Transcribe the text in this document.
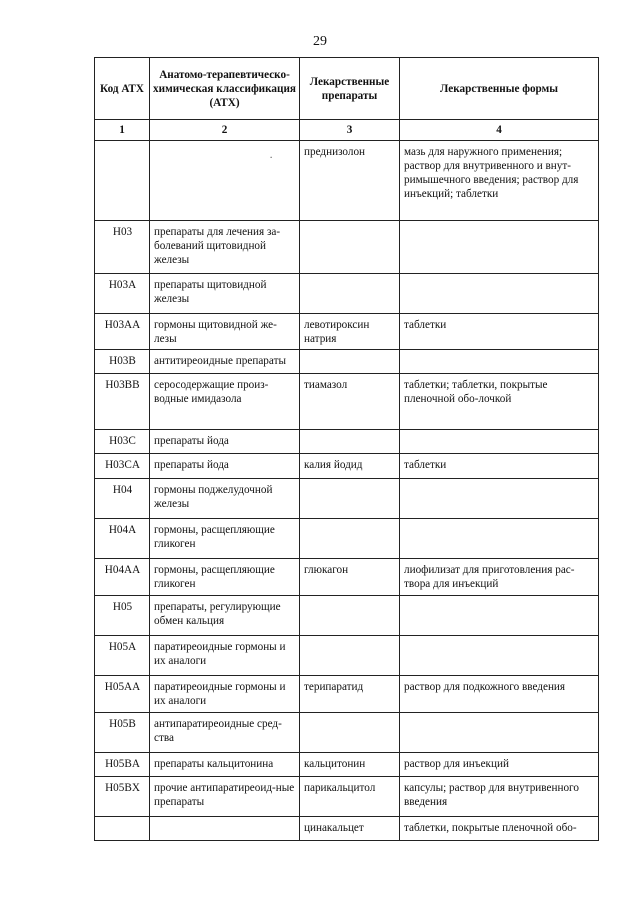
29
Код АТХ	Анатомо-терапевтическо-химическая классификация (АТХ)	Лекарственные препараты	Лекарственные формы
1	2	3	4
	·	преднизолон	мазь для наружного применения; раствор для внутривенного и внут-римышечного введения; раствор для инъекций; таблетки
H03	препараты для лечения за-болеваний щитовидной железы		
H03A	препараты щитовидной железы		
H03AA	гормоны щитовидной же-лезы	левотироксин натрия	таблетки
H03B	антитиреоидные препараты		
H03BB	серосодержащие произ-водные имидазола	тиамазол	таблетки; таблетки, покрытые пленочной обо-лочкой
H03C	препараты йода		
H03CA	препараты йода	калия йодид	таблетки
H04	гормоны поджелудочной железы		
H04A	гормоны, расщепляющие гликоген		
H04AA	гормоны, расщепляющие гликоген	глюкагон	лиофилизат для приготовления рас-твора для инъекций
H05	препараты, регулирующие обмен кальция		
H05A	паратиреоидные гормоны и их аналоги		
H05AA	паратиреоидные гормоны и их аналоги	терипаратид	раствор для подкожного введения
H05B	антипаратиреоидные сред-ства		
H05BA	препараты кальцитонина	кальцитонин	раствор для инъекций
H05BX	прочие антипаратиреоид-ные препараты	парикальцитол	капсулы; раствор для внутривенного введения
		цинакальцет	таблетки, покрытые пленочной обо-
